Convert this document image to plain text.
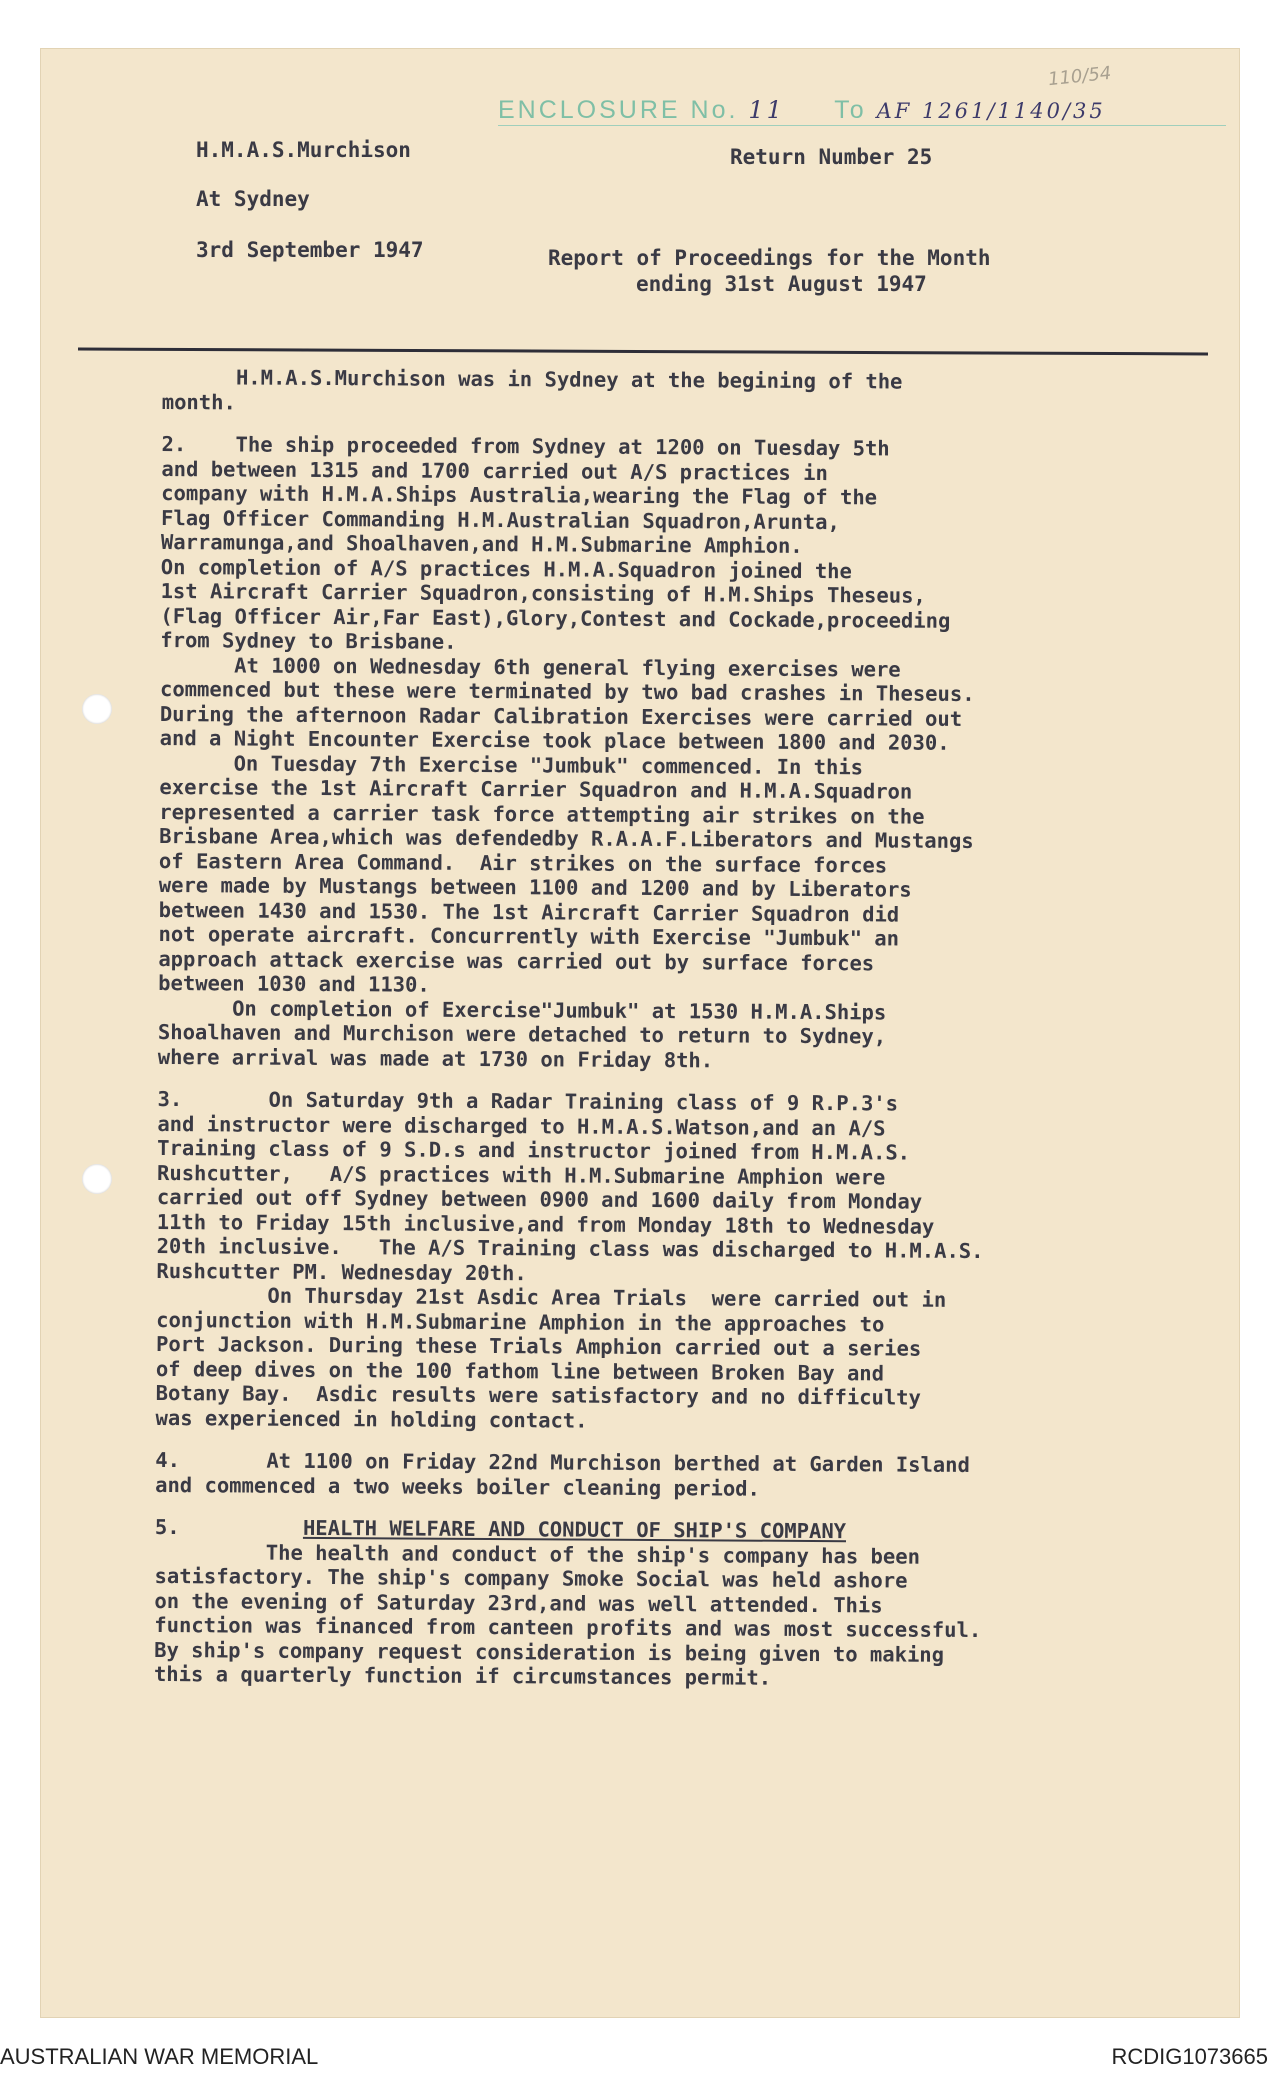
110/54
ENCLOSURE No. 11 To AF 1261/1140/35
H.M.A.S.Murchison
At Sydney
3rd September 1947
Return Number 25
Report of Proceedings for the Month
ending 31st August 1947

H.M.A.S.Murchison was in Sydney at the begining of the
month.

2.    The ship proceeded from Sydney at 1200 on Tuesday 5th
and between 1315 and 1700 carried out A/S practices in
company with H.M.A.Ships Australia,wearing the Flag of the
Flag Officer Commanding H.M.Australian Squadron,Arunta,
Warramunga,and Shoalhaven,and H.M.Submarine Amphion.
On completion of A/S practices H.M.A.Squadron joined the
1st Aircraft Carrier Squadron,consisting of H.M.Ships Theseus,
(Flag Officer Air,Far East),Glory,Contest and Cockade,proceeding
from Sydney to Brisbane.

At 1000 on Wednesday 6th general flying exercises were
commenced but these were terminated by two bad crashes in Theseus.
During the afternoon Radar Calibration Exercises were carried out
and a Night Encounter Exercise took place between 1800 and 2030.

On Tuesday 7th Exercise "Jumbuk" commenced. In this
exercise the 1st Aircraft Carrier Squadron and H.M.A.Squadron
represented a carrier task force attempting air strikes on the
Brisbane Area,which was defendedby R.A.A.F.Liberators and Mustangs
of Eastern Area Command.  Air strikes on the surface forces
were made by Mustangs between 1100 and 1200 and by Liberators
between 1430 and 1530. The 1st Aircraft Carrier Squadron did
not operate aircraft. Concurrently with Exercise "Jumbuk" an
approach attack exercise was carried out by surface forces
between 1030 and 1130.

On completion of Exercise"Jumbuk" at 1530 H.M.A.Ships
Shoalhaven and Murchison were detached to return to Sydney,
where arrival was made at 1730 on Friday 8th.

3.       On Saturday 9th a Radar Training class of 9 R.P.3's
and instructor were discharged to H.M.A.S.Watson,and an A/S
Training class of 9 S.D.s and instructor joined from H.M.A.S.
Rushcutter,   A/S practices with H.M.Submarine Amphion were
carried out off Sydney between 0900 and 1600 daily from Monday
11th to Friday 15th inclusive,and from Monday 18th to Wednesday
20th inclusive.   The A/S Training class was discharged to H.M.A.S.
Rushcutter PM. Wednesday 20th.

On Thursday 21st Asdic Area Trials  were carried out in
conjunction with H.M.Submarine Amphion in the approaches to
Port Jackson. During these Trials Amphion carried out a series
of deep dives on the 100 fathom line between Broken Bay and
Botany Bay.  Asdic results were satisfactory and no difficulty
was experienced in holding contact.

4.       At 1100 on Friday 22nd Murchison berthed at Garden Island
and commenced a two weeks boiler cleaning period.

5.	HEALTH WELFARE AND CONDUCT OF SHIP'S COMPANY

The health and conduct of the ship's company has been
satisfactory. The ship's company Smoke Social was held ashore
on the evening of Saturday 23rd,and was well attended. This
function was financed from canteen profits and was most successful.
By ship's company request consideration is being given to making
this a quarterly function if circumstances permit.

AUSTRALIAN WAR MEMORIAL	RCDIG1073665
